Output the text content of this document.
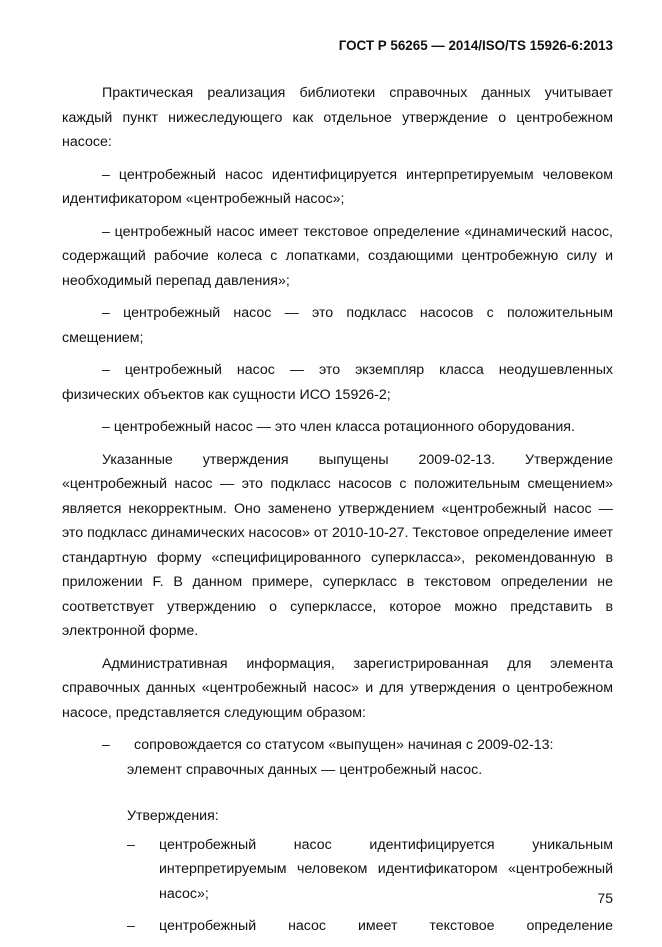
ГОСТ Р 56265 — 2014/ISO/TS 15926-6:2013

Практическая реализация библиотеки справочных данных учитывает каждый пункт нижеследующего как отдельное утверждение о центробежном насосе:

– центробежный насос идентифицируется интерпретируемым человеком идентификатором «центробежный насос»;

– центробежный насос имеет текстовое определение «динамический насос, содержащий рабочие колеса с лопатками, создающими центробежную силу и необходимый перепад давления»;

– центробежный насос — это подкласс насосов с положительным смещением;

– центробежный насос — это экземпляр класса неодушевленных физических объектов как сущности ИСО 15926-2;

– центробежный насос — это член класса ротационного оборудования.

Указанные утверждения выпущены 2009-02-13. Утверждение «центробежный насос — это подкласс насосов с положительным смещением» является некорректным. Оно заменено утверждением «центробежный насос — это подкласс динамических насосов» от 2010-10-27. Текстовое определение имеет стандартную форму «специфицированного суперкласса», рекомендованную в приложении F. В данном примере, суперкласс в текстовом определении не соответствует утверждению о суперклассе, которое можно представить в электронной форме.

Административная информация, зарегистрированная для элемента справочных данных «центробежный насос» и для утверждения о центробежном насосе, представляется следующим образом:

– сопровождается со статусом «выпущен» начиная с 2009-02-13:

элемент справочных данных — центробежный насос.

Утверждения:

– центробежный насос идентифицируется уникальным интерпретируемым человеком идентификатором «центробежный насос»;

– центробежный насос имеет текстовое определение

75
